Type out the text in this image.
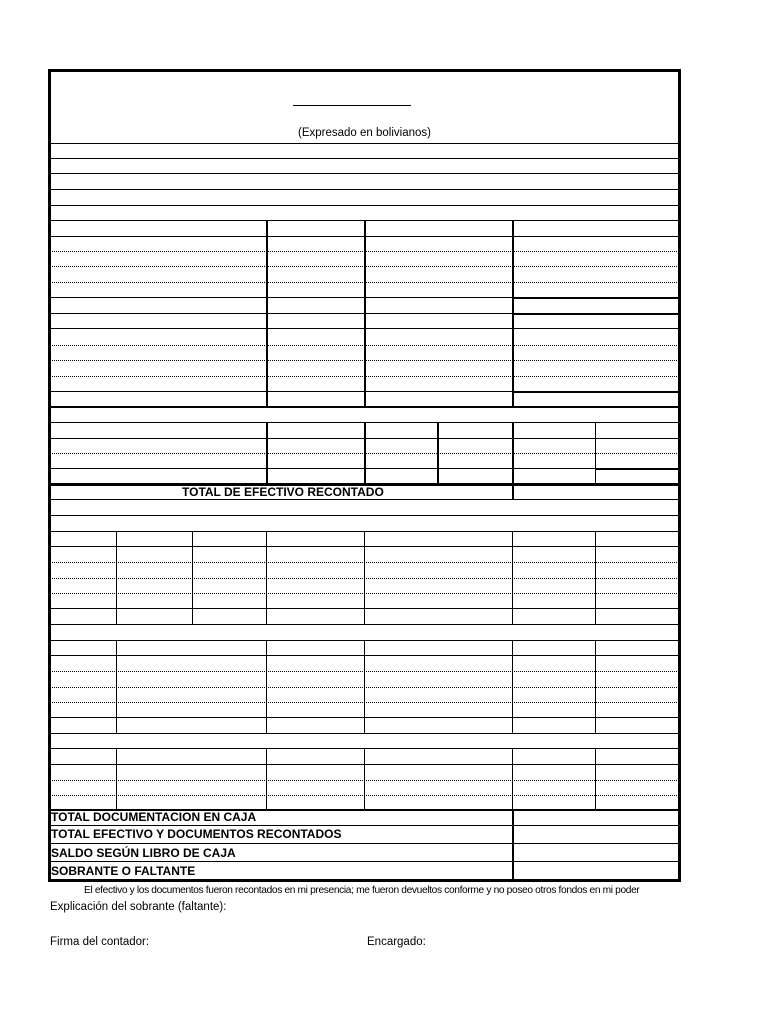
(Expresado en bolivianos)
TOTAL DE EFECTIVO RECONTADO
TOTAL DOCUMENTACION EN CAJA
TOTAL EFECTIVO Y DOCUMENTOS RECONTADOS
SALDO SEGÚN LIBRO DE CAJA
SOBRANTE O FALTANTE
El efectivo y los documentos fueron recontados en mi presencia; me fueron devueltos conforme y no poseo otros fondos en mi poder
Explicación del sobrante (faltante):
Firma del contador:	Encargado:
